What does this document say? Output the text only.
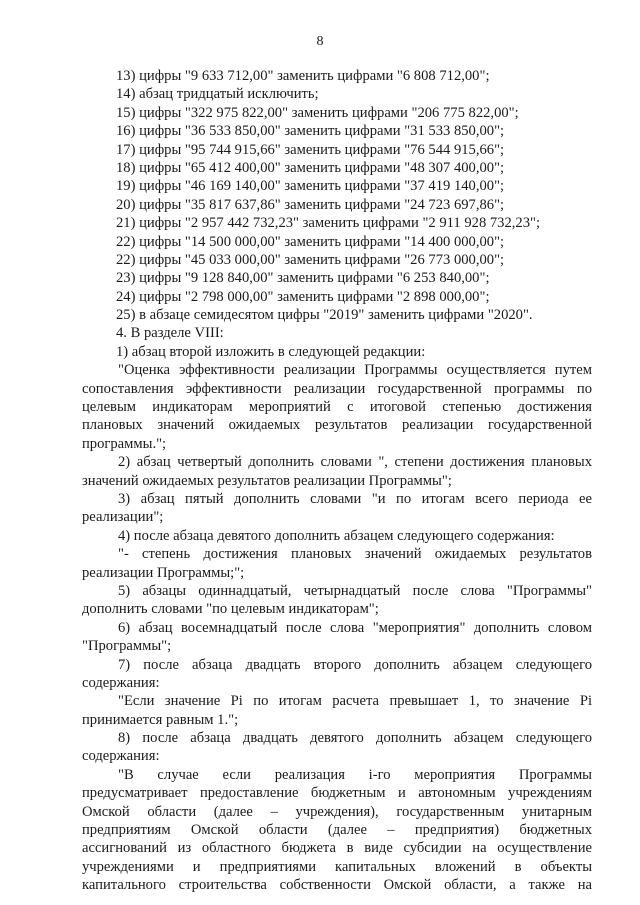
8
13) цифры "9 633 712,00" заменить цифрами "6 808 712,00";
14) абзац тридцатый исключить;
15) цифры "322 975 822,00" заменить цифрами "206 775 822,00";
16) цифры "36 533 850,00" заменить цифрами "31 533 850,00";
17) цифры "95 744 915,66" заменить цифрами "76 544 915,66";
18) цифры "65 412 400,00" заменить цифрами "48 307 400,00";
19) цифры "46 169 140,00" заменить цифрами "37 419 140,00";
20) цифры "35 817 637,86" заменить цифрами "24 723 697,86";
21) цифры "2 957 442 732,23" заменить цифрами "2 911 928 732,23";
22) цифры "14 500 000,00" заменить цифрами "14 400 000,00";
22) цифры "45 033 000,00" заменить цифрами "26 773 000,00";
23) цифры "9 128 840,00" заменить цифрами "6 253 840,00";
24) цифры "2 798 000,00" заменить цифрами "2 898 000,00";
25) в абзаце семидесятом цифры "2019" заменить цифрами "2020".
4. В разделе VIII:
1) абзац второй изложить в следующей редакции:
"Оценка эффективности реализации Программы осуществляется путем
сопоставления эффективности реализации государственной программы по
целевым индикаторам мероприятий с итоговой степенью достижения
плановых значений ожидаемых результатов реализации государственной
программы.";
2) абзац четвертый дополнить словами ", степени достижения плановых
значений ожидаемых результатов реализации Программы";
3) абзац пятый дополнить словами "и по итогам всего периода ее
реализации";
4) после абзаца девятого дополнить абзацем следующего содержания:
"- степень достижения плановых значений ожидаемых результатов
реализации Программы;";
5) абзацы одиннадцатый, четырнадцатый после слова "Программы"
дополнить словами "по целевым индикаторам";
6) абзац восемнадцатый после слова "мероприятия" дополнить словом
"Программы";
7) после абзаца двадцать второго дополнить абзацем следующего
содержания:
"Если значение Pi по итогам расчета превышает 1, то значение Pi
принимается равным 1.";
8) после абзаца двадцать девятого дополнить абзацем следующего
содержания:
"В случае если реализация i-го мероприятия Программы
предусматривает предоставление бюджетным и автономным учреждениям
Омской области (далее – учреждения), государственным унитарным
предприятиям Омской области (далее – предприятия) бюджетных
ассигнований из областного бюджета в виде субсидии на осуществление
учреждениями и предприятиями капитальных вложений в объекты
капитального строительства собственности Омской области, а также на
